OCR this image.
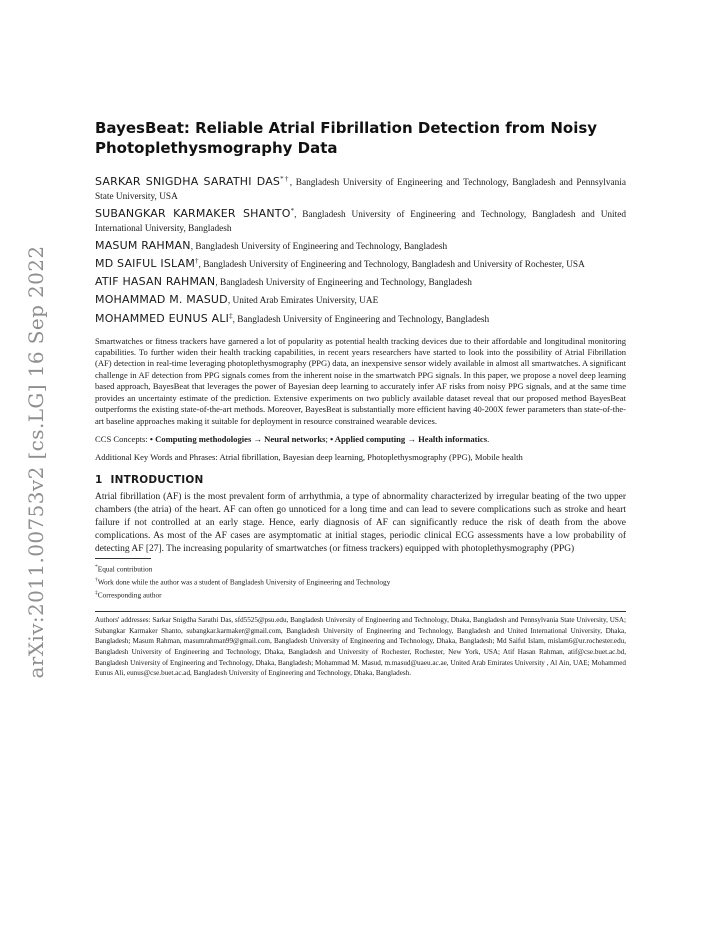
arXiv:2011.00753v2 [cs.LG] 16 Sep 2022
BayesBeat: Reliable Atrial Fibrillation Detection from Noisy Photoplethysmography Data

SARKAR SNIGDHA SARATHI DAS*†, Bangladesh University of Engineering and Technology, Bangladesh and Pennsylvania State University, USA

SUBANGKAR KARMAKER SHANTO*, Bangladesh University of Engineering and Technology, Bangladesh and United International University, Bangladesh

MASUM RAHMAN, Bangladesh University of Engineering and Technology, Bangladesh

MD SAIFUL ISLAM†, Bangladesh University of Engineering and Technology, Bangladesh and University of Rochester, USA

ATIF HASAN RAHMAN, Bangladesh University of Engineering and Technology, Bangladesh

MOHAMMAD M. MASUD, United Arab Emirates University, UAE

MOHAMMED EUNUS ALI‡, Bangladesh University of Engineering and Technology, Bangladesh

Smartwatches or fitness trackers have garnered a lot of popularity as potential health tracking devices due to their affordable and longitudinal monitoring capabilities. To further widen their health tracking capabilities, in recent years researchers have started to look into the possibility of Atrial Fibrillation (AF) detection in real-time leveraging photoplethysmography (PPG) data, an inexpensive sensor widely available in almost all smartwatches. A significant challenge in AF detection from PPG signals comes from the inherent noise in the smartwatch PPG signals. In this paper, we propose a novel deep learning based approach, BayesBeat that leverages the power of Bayesian deep learning to accurately infer AF risks from noisy PPG signals, and at the same time provides an uncertainty estimate of the prediction. Extensive experiments on two publicly available dataset reveal that our proposed method BayesBeat outperforms the existing state-of-the-art methods. Moreover, BayesBeat is substantially more efficient having 40-200X fewer parameters than state-of-the-art baseline approaches making it suitable for deployment in resource constrained wearable devices.

CCS Concepts: • Computing methodologies → Neural networks; • Applied computing → Health informatics.

Additional Key Words and Phrases: Atrial fibrillation, Bayesian deep learning, Photoplethysmography (PPG), Mobile health

1 INTRODUCTION

Atrial fibrillation (AF) is the most prevalent form of arrhythmia, a type of abnormality characterized by irregular beating of the two upper chambers (the atria) of the heart. AF can often go unnoticed for a long time and can lead to severe complications such as stroke and heart failure if not controlled at an early stage. Hence, early diagnosis of AF can significantly reduce the risk of death from the above complications. As most of the AF cases are asymptomatic at initial stages, periodic clinical ECG assessments have a low probability of detecting AF [27]. The increasing popularity of smartwatches (or fitness trackers) equipped with photoplethysmography (PPG)

*Equal contribution

†Work done while the author was a student of Bangladesh University of Engineering and Technology

‡Corresponding author

Authors' addresses: Sarkar Snigdha Sarathi Das, sfd5525@psu.edu, Bangladesh University of Engineering and Technology, Dhaka, Bangladesh and Pennsylvania State University, USA; Subangkar Karmaker Shanto, subangkar.karmaker@gmail.com, Bangladesh University of Engineering and Technology, Bangladesh and United International University, Dhaka, Bangladesh; Masum Rahman, masumrahman99@gmail.com, Bangladesh University of Engineering and Technology, Dhaka, Bangladesh; Md Saiful Islam, mislam6@ur.rochester.edu, Bangladesh University of Engineering and Technology, Dhaka, Bangladesh and University of Rochester, Rochester, New York, USA; Atif Hasan Rahman, atif@cse.buet.ac.bd, Bangladesh University of Engineering and Technology, Dhaka, Bangladesh; Mohammad M. Masud, m.masud@uaeu.ac.ae, United Arab Emirates University , Al Ain, UAE; Mohammed Eunus Ali, eunus@cse.buet.ac.ad, Bangladesh University of Engineering and Technology, Dhaka, Bangladesh.
